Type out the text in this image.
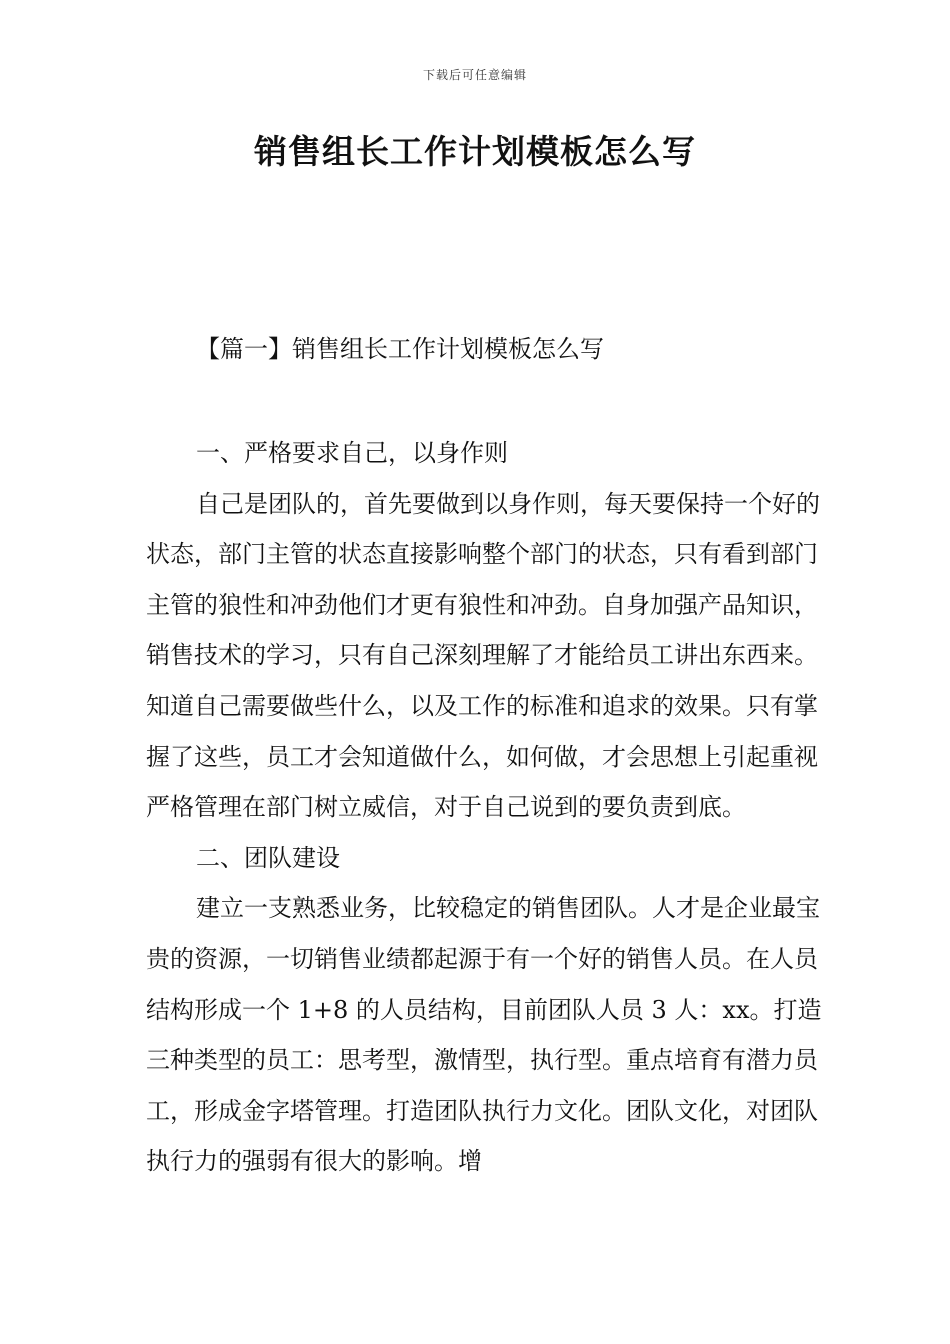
下载后可任意编辑
销售组长工作计划模板怎么写
【篇一】销售组长工作计划模板怎么写

一、严格要求自己，以身作则

自己是团队的，首先要做到以身作则，每天要保持一个好的状态，部门主管的状态直接影响整个部门的状态，只有看到部门主管的狼性和冲劲他们才更有狼性和冲劲。自身加强产品知识，销售技术的学习，只有自己深刻理解了才能给员工讲出东西来。知道自己需要做些什么，以及工作的标准和追求的效果。只有掌握了这些，员工才会知道做什么，如何做，才会思想上引起重视严格管理在部门树立威信，对于自己说到的要负责到底。

二、团队建设

建立一支熟悉业务，比较稳定的销售团队。人才是企业最宝贵的资源，一切销售业绩都起源于有一个好的销售人员。在人员结构形成一个 1+8 的人员结构，目前团队人员 3 人：xx。打造三种类型的员工：思考型，激情型，执行型。重点培育有潜力员工，形成金字塔管理。打造团队执行力文化。团队文化，对团队执行力的强弱有很大的影响。增
